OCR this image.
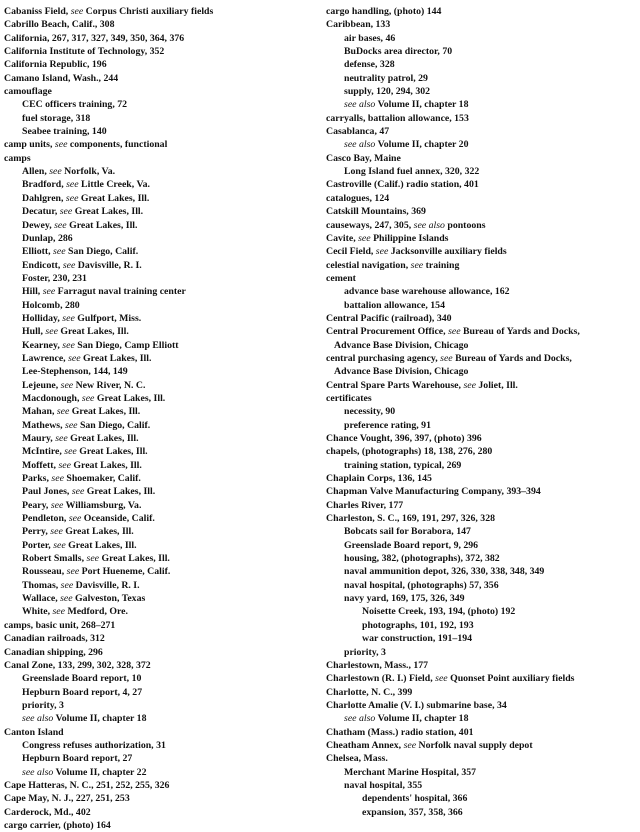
Cabaniss Field, see Corpus Christi auxiliary fields
Cabrillo Beach, Calif., 308
California, 267, 317, 327, 349, 350, 364, 376
California Institute of Technology, 352
California Republic, 196
Camano Island, Wash., 244
camouflage
CEC officers training, 72
fuel storage, 318
Seabee training, 140
camp units, see components, functional
camps
Allen, see Norfolk, Va.
Bradford, see Little Creek, Va.
Dahlgren, see Great Lakes, Ill.
Decatur, see Great Lakes, Ill.
Dewey, see Great Lakes, Ill.
Dunlap, 286
Elliott, see San Diego, Calif.
Endicott, see Davisville, R. I.
Foster, 230, 231
Hill, see Farragut naval training center
Holcomb, 280
Holliday, see Gulfport, Miss.
Hull, see Great Lakes, Ill.
Kearney, see San Diego, Camp Elliott
Lawrence, see Great Lakes, Ill.
Lee-Stephenson, 144, 149
Lejeune, see New River, N. C.
Macdonough, see Great Lakes, Ill.
Mahan, see Great Lakes, Ill.
Mathews, see San Diego, Calif.
Maury, see Great Lakes, Ill.
McIntire, see Great Lakes, Ill.
Moffett, see Great Lakes, Ill.
Parks, see Shoemaker, Calif.
Paul Jones, see Great Lakes, Ill.
Peary, see Williamsburg, Va.
Pendleton, see Oceanside, Calif.
Perry, see Great Lakes, Ill.
Porter, see Great Lakes, Ill.
Robert Smalls, see Great Lakes, Ill.
Rousseau, see Port Hueneme, Calif.
Thomas, see Davisville, R. I.
Wallace, see Galveston, Texas
White, see Medford, Ore.
camps, basic unit, 268–271
Canadian railroads, 312
Canadian shipping, 296
Canal Zone, 133, 299, 302, 328, 372
Greenslade Board report, 10
Hepburn Board report, 4, 27
priority, 3
see also Volume II, chapter 18
Canton Island
Congress refuses authorization, 31
Hepburn Board report, 27
see also Volume II, chapter 22
Cape Hatteras, N. C., 251, 252, 255, 326
Cape May, N. J., 227, 251, 253
Carderock, Md., 402
cargo carrier, (photo) 164
cargo handling, (photo) 144
Caribbean, 133
air bases, 46
BuDocks area director, 70
defense, 328
neutrality patrol, 29
supply, 120, 294, 302
see also Volume II, chapter 18
carryalls, battalion allowance, 153
Casablanca, 47
see also Volume II, chapter 20
Casco Bay, Maine
Long Island fuel annex, 320, 322
Castroville (Calif.) radio station, 401
catalogues, 124
Catskill Mountains, 369
causeways, 247, 305, see also pontoons
Cavite, see Philippine Islands
Cecil Field, see Jacksonville auxiliary fields
celestial navigation, see training
cement
advance base warehouse allowance, 162
battalion allowance, 154
Central Pacific (railroad), 340
Central Procurement Office, see Bureau of Yards and Docks,
Advance Base Division, Chicago
central purchasing agency, see Bureau of Yards and Docks,
Advance Base Division, Chicago
Central Spare Parts Warehouse, see Joliet, Ill.
certificates
necessity, 90
preference rating, 91
Chance Vought, 396, 397, (photo) 396
chapels, (photographs) 18, 138, 276, 280
training station, typical, 269
Chaplain Corps, 136, 145
Chapman Valve Manufacturing Company, 393–394
Charles River, 177
Charleston, S. C., 169, 191, 297, 326, 328
Bobcats sail for Borabora, 147
Greenslade Board report, 9, 296
housing, 382, (photographs), 372, 382
naval ammunition depot, 326, 330, 338, 348, 349
naval hospital, (photographs) 57, 356
navy yard, 169, 175, 326, 349
Noisette Creek, 193, 194, (photo) 192
photographs, 101, 192, 193
war construction, 191–194
priority, 3
Charlestown, Mass., 177
Charlestown (R. I.) Field, see Quonset Point auxiliary fields
Charlotte, N. C., 399
Charlotte Amalie (V. I.) submarine base, 34
see also Volume II, chapter 18
Chatham (Mass.) radio station, 401
Cheatham Annex, see Norfolk naval supply depot
Chelsea, Mass.
Merchant Marine Hospital, 357
naval hospital, 355
dependents' hospital, 366
expansion, 357, 358, 366
